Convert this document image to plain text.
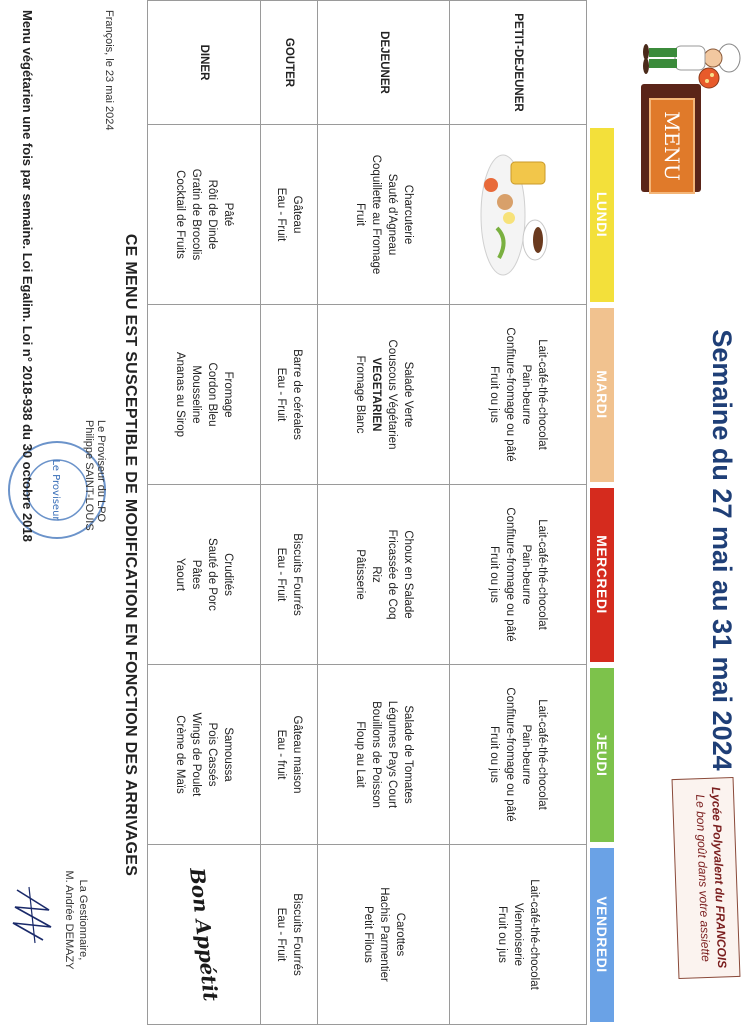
MENU
Semaine du 27 mai au 31 mai 2024
Lycée Polyvalent du FRANCOIS
Le bon goût dans votre assiette

	LUNDI	MARDI	MERCREDI	JEUDI	VENDREDI

PETIT-DEJEUNER		Lait-café-thé-chocolat
Pain-beurre
Confiture-fromage ou pâté
Fruit ou jus	Lait-café-thé-chocolat
Pain-beurre
Confiture-fromage ou pâté
Fruit ou jus	Lait-café-thé-chocolat
Pain-beurre
Confiture-fromage ou pâté
Fruit ou jus	Lait-café-thé-chocolat
Viennoiserie
Fruit ou jus

DEJEUNER	Charcuterie
Sauté d'Agneau
Coquillette au Fromage
Fruit	Salade Verte
Couscous Végétarien
VEGETARIEN
Fromage Blanc	Choux en Salade
Fricassée de Coq
Riz
Pâtisserie	Salade de Tomates
Légumes Pays Court
Bouillons de Poisson
Floup au Lait	Carottes
Hachis Parmentier
Petit Filous

GOUTER	Gâteau
Eau - Fruit	Barre de céréales
Eau - Fruit	Biscuits Fourrés
Eau - Fruit	Gâteau maison
Eau - fruit	Biscuits Fourrés
Eau - Fruit

DINER	Pâté
Rôti de Dinde
Gratin de Brocolis
Cocktail de Fruits	Fromage
Cordon Bleu
Mousseline
Ananas au Sirop	Crudités
Sauté de Porc
Pâtes
Yaourt	Samoussa
Pois Cassés
Wings de Poulet
Crème de Maïs	Bon Appétit
CE MENU EST SUSCEPTIBLE DE MODIFICATION EN FONCTION DES ARRIVAGES
François, le 23 mai 2024
Le Proviseur	Le Proviseur du LPO
Philippe SAINT-LOUIS
La Gestionnaire,
M. Andrée DEMAZY
Menu végétarien une fois par semaine. Loi Egalim. Loi n° 2018-938 du 30 octobre 2018
